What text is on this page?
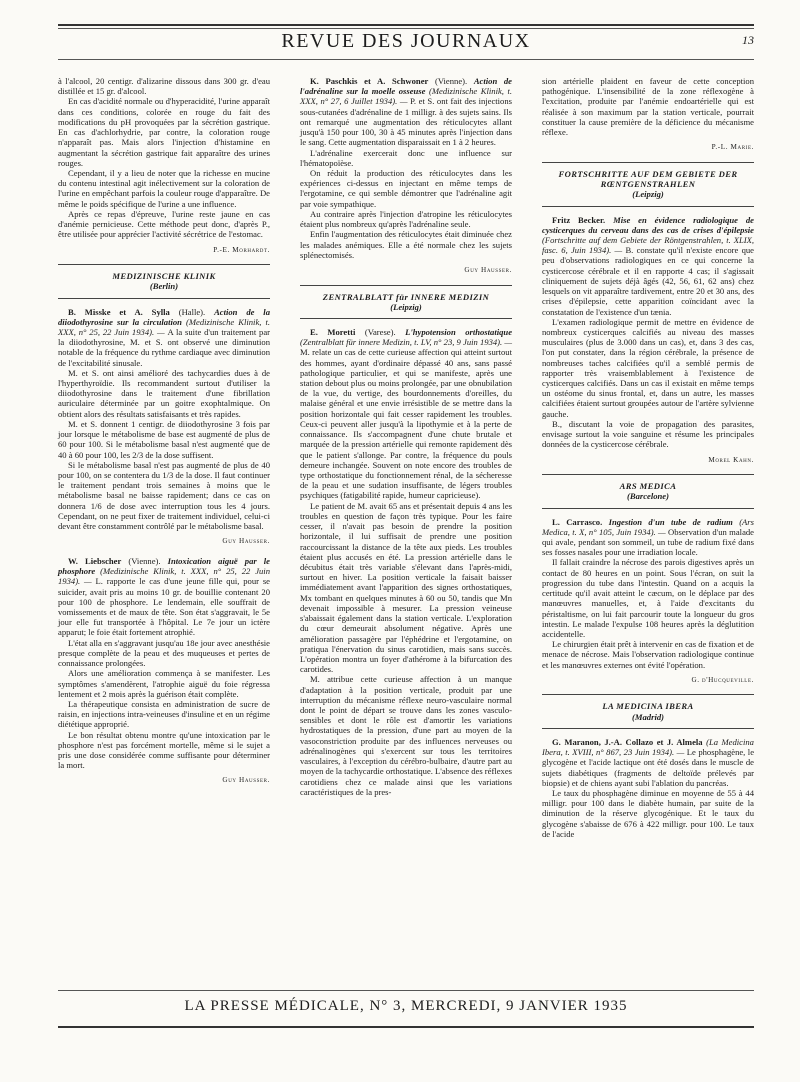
REVUE DES JOURNAUX	13

à l'alcool, 20 centigr. d'alizarine dissous dans 300 gr. d'eau distillée et 15 gr. d'alcool.

En cas d'acidité normale ou d'hyperacidité, l'urine apparaît dans ces conditions, colorée en rouge du fait des modifications du pH provoquées par la sécrétion gastrique. En cas d'achlorhydrie, par contre, la coloration rouge n'apparaît pas. Mais alors l'injection d'histamine en augmentant la sécrétion gastrique fait apparaître des urines rouges.

Cependant, il y a lieu de noter que la richesse en mucine du contenu intestinal agit inélectivement sur la coloration de l'urine en empêchant parfois la couleur rouge d'apparaître. De même le poids spécifique de l'urine a une influence.

Après ce repas d'épreuve, l'urine reste jaune en cas d'anémie pernicieuse. Cette méthode peut donc, d'après P., être utilisée pour apprécier l'activité sécrétrice de l'estomac.

P.-E. Morhardt.
MEDIZINISCHE KLINIK
(Berlin)

B. Misske et A. Sylla (Halle). Action de la diiodothyrosine sur la circulation (Medizinische Klinik, t. XXX, n° 25, 22 Juin 1934). — A la suite d'un traitement par la diiodothyrosine, M. et S. ont observé une diminution notable de la fréquence du rythme cardiaque avec diminution de l'excitabilité sinusale.

M. et S. ont ainsi amélioré des tachycardies dues à de l'hyperthyroïdie. Ils recommandent surtout d'utiliser la diiodothyrosine dans le traitement d'une fibrillation auriculaire déterminée par un goitre exophtalmique. On obtient alors des résultats satisfaisants et très rapides.

M. et S. donnent 1 centigr. de diiodothyrosine 3 fois par jour lorsque le métabolisme de base est augmenté de plus de 60 pour 100. Si le métabolisme basal n'est augmenté que de 40 à 60 pour 100, les 2/3 de la dose suffisent.

Si le métabolisme basal n'est pas augmenté de plus de 40 pour 100, on se contentera du 1/3 de la dose. Il faut continuer le traitement pendant trois semaines à moins que le métabolisme basal ne baisse rapidement; dans ce cas on donnera 1/6 de dose avec interruption tous les 4 jours. Cependant, on ne peut fixer de traitement individuel, celui-ci devant être constamment contrôlé par le métabolisme basal.

Guy Hausser.

W. Liebscher (Vienne). Intoxication aiguë par le phosphore (Medizinische Klinik, t. XXX, n° 25, 22 Juin 1934). — L. rapporte le cas d'une jeune fille qui, pour se suicider, avait pris au moins 10 gr. de bouillie contenant 20 pour 100 de phosphore. Le lendemain, elle souffrait de vomissements et de maux de tête. Son état s'aggravait, le 5e jour elle fut transportée à l'hôpital. Le 7e jour un ictère apparut; le foie était fortement atrophié.

L'état alla en s'aggravant jusqu'au 18e jour avec anesthésie presque complète de la peau et des muqueuses et pertes de connaissance prolongées.

Alors une amélioration commença à se manifester. Les symptômes s'amendèrent, l'atrophie aiguë du foie régressa lentement et 2 mois après la guérison était complète.

La thérapeutique consista en administration de sucre de raisin, en injections intra-veineuses d'insuline et en un régime diététique approprié.

Le bon résultat obtenu montre qu'une intoxication par le phosphore n'est pas forcément mortelle, même si le sujet a pris une dose considérée comme suffisante pour déterminer la mort.

Guy Hausser.

K. Paschkis et A. Schwoner (Vienne). Action de l'adrénaline sur la moelle osseuse (Medizinische Klinik, t. XXX, n° 27, 6 Juillet 1934). — P. et S. ont fait des injections sous-cutanées d'adrénaline de 1 milligr. à des sujets sains. Ils ont remarqué une augmentation des réticulocytes allant jusqu'à 150 pour 100, 30 à 45 minutes après l'injection dans le sang. Cette augmentation disparaissait en 1 à 2 heures.

L'adrénaline exercerait donc une influence sur l'hématopoïèse.

On réduit la production des réticulocytes dans les expériences ci-dessus en injectant en même temps de l'ergotamine, ce qui semble démontrer que l'adrénaline agit par voie sympathique.

Au contraire après l'injection d'atropine les réticulocytes étaient plus nombreux qu'après l'adrénaline seule.

Enfin l'augmentation des réticulocytes était diminuée chez les malades anémiques. Elle a été normale chez les sujets splénectomisés.

Guy Hausser.
ZENTRALBLATT für INNERE MEDIZIN
(Leipzig)

E. Moretti (Varese). L'hypotension orthostatique (Zentralblatt für innere Medizin, t. LV, n° 23, 9 Juin 1934). — M. relate un cas de cette curieuse affection qui atteint surtout des hommes, ayant d'ordinaire dépassé 40 ans, sans passé pathologique particulier, et qui se manifeste, après une station debout plus ou moins prolongée, par une obnubilation de la vue, du vertige, des bourdonnements d'oreilles, du malaise général et une envie irrésistible de se mettre dans la position horizontale qui fait cesser rapidement les troubles. Ceux-ci peuvent aller jusqu'à la lipothymie et à la perte de connaissance. Ils s'accompagnent d'une chute brutale et marquée de la pression artérielle qui remonte rapidement dès que le patient s'allonge. Par contre, la fréquence du pouls demeure inchangée. Souvent on note encore des troubles de type orthostatique du fonctionnement rénal, de la sécheresse de la peau et une sudation insuffisante, de légers troubles psychiques (fatigabilité rapide, humeur capricieuse).

Le patient de M. avait 65 ans et présentait depuis 4 ans les troubles en question de façon très typique. Pour les faire cesser, il n'avait pas besoin de prendre la position horizontale, il lui suffisait de prendre une position raccourcissant la distance de la tête aux pieds. Les troubles étaient plus accusés en été. La pression artérielle dans le décubitus était très variable s'élevant dans l'après-midi, surtout en hiver. La position verticale la faisait baisser immédiatement avant l'apparition des signes orthostatiques, Mx tombant en quelques minutes à 60 ou 50, tandis que Mn devenait impossible à mesurer. La pression veineuse s'abaissait également dans la station verticale. L'exploration du cœur demeurait absolument négative. Après une amélioration passagère par l'éphédrine et l'ergotamine, on pratiqua l'énervation du sinus carotidien, mais sans succès. L'opération montra un foyer d'athérome à la bifurcation des carotides.

M. attribue cette curieuse affection à un manque d'adaptation à la position verticale, produit par une interruption du mécanisme réflexe neuro-vasculaire normal dont le point de départ se trouve dans les zones vasculo-sensibles et dont le rôle est d'amortir les variations hydrostatiques de la pression, d'une part au moyen de la vasoconstriction produite par des influences nerveuses ou adrénalinogènes qui s'exercent sur tous les territoires vasculaires, à l'exception du cérébro-bulbaire, d'autre part au moyen de la tachycardie orthostatique. L'absence des réflexes carotidiens chez ce malade ainsi que les variations caractéristiques de la pres-

sion artérielle plaident en faveur de cette conception pathogénique. L'insensibilité de la zone réflexogène à l'excitation, produite par l'anémie endoartérielle qui est réalisée à son maximum par la station verticale, pourrait constituer la cause première de la déficience du mécanisme réflexe.

P.-L. Marie.
FORTSCHRITTE AUF DEM GEBIETE DER RŒNTGENSTRAHLEN
(Leipzig)

Fritz Becker. Mise en évidence radiologique de cysticerques du cerveau dans des cas de crises d'épilepsie (Fortschritte auf dem Gebiete der Röntgenstrahlen, t. XLIX, fasc. 6, Juin 1934). — B. constate qu'il n'existe encore que peu d'observations radiologiques en ce qui concerne la cysticercose cérébrale et il en rapporte 4 cas; il s'agissait cliniquement de sujets déjà âgés (42, 56, 61, 62 ans) chez lesquels on vit apparaître tardivement, entre 20 et 30 ans, des crises d'épilepsie, cette apparition coïncidant avec la constatation de l'existence d'un tænia.

L'examen radiologique permit de mettre en évidence de nombreux cysticerques calcifiés au niveau des masses musculaires (plus de 3.000 dans un cas), et, dans 3 des cas, l'on put constater, dans la région cérébrale, la présence de nombreuses taches calcifiées qu'il a semblé permis de rapporter très vraisemblablement à l'existence de cysticerques calcifiés. Dans un cas il existait en même temps un ostéome du sinus frontal, et, dans un autre, les masses calcifiées étaient surtout groupées autour de l'artère sylvienne gauche.

B., discutant la voie de propagation des parasites, envisage surtout la voie sanguine et résume les principales données de la cysticercose cérébrale.

Morel Kahn.
ARS MEDICA
(Barcelone)

L. Carrasco. Ingestion d'un tube de radium (Ars Medica, t. X, n° 105, Juin 1934). — Observation d'un malade qui avale, pendant son sommeil, un tube de radium fixé dans ses fosses nasales pour une irradiation locale.

Il fallait craindre la nécrose des parois digestives après un contact de 80 heures en un point. Sous l'écran, on suit la progression du tube dans l'intestin. Quand on a acquis la certitude qu'il avait atteint le cæcum, on le déplace par des manœuvres manuelles, et, à l'aide d'excitants du péristaltisme, on lui fait parcourir toute la longueur du gros intestin. Le malade l'expulse 108 heures après la déglutition accidentelle.

Le chirurgien était prêt à intervenir en cas de fixation et de menace de nécrose. Mais l'observation radiologique continue et les manœuvres externes ont évité l'opération.

G. d'Hucqueville.
LA MEDICINA IBERA
(Madrid)

G. Maranon, J.-A. Collazo et J. Almela (La Medicina Ibera, t. XVIII, n° 867, 23 Juin 1934). — Le phosphagène, le glycogène et l'acide lactique ont été dosés dans le muscle de sujets diabétiques (fragments de deltoïde prélevés par biopsie) et de chiens ayant subi l'ablation du pancréas.

Le taux du phosphagène diminue en moyenne de 55 à 44 milligr. pour 100 dans le diabète humain, par suite de la diminution de la réserve glycogénique. Et le taux du glycogène s'abaisse de 676 à 422 milligr. pour 100. Le taux de l'acide

LA PRESSE MÉDICALE, N° 3, MERCREDI, 9 JANVIER 1935
